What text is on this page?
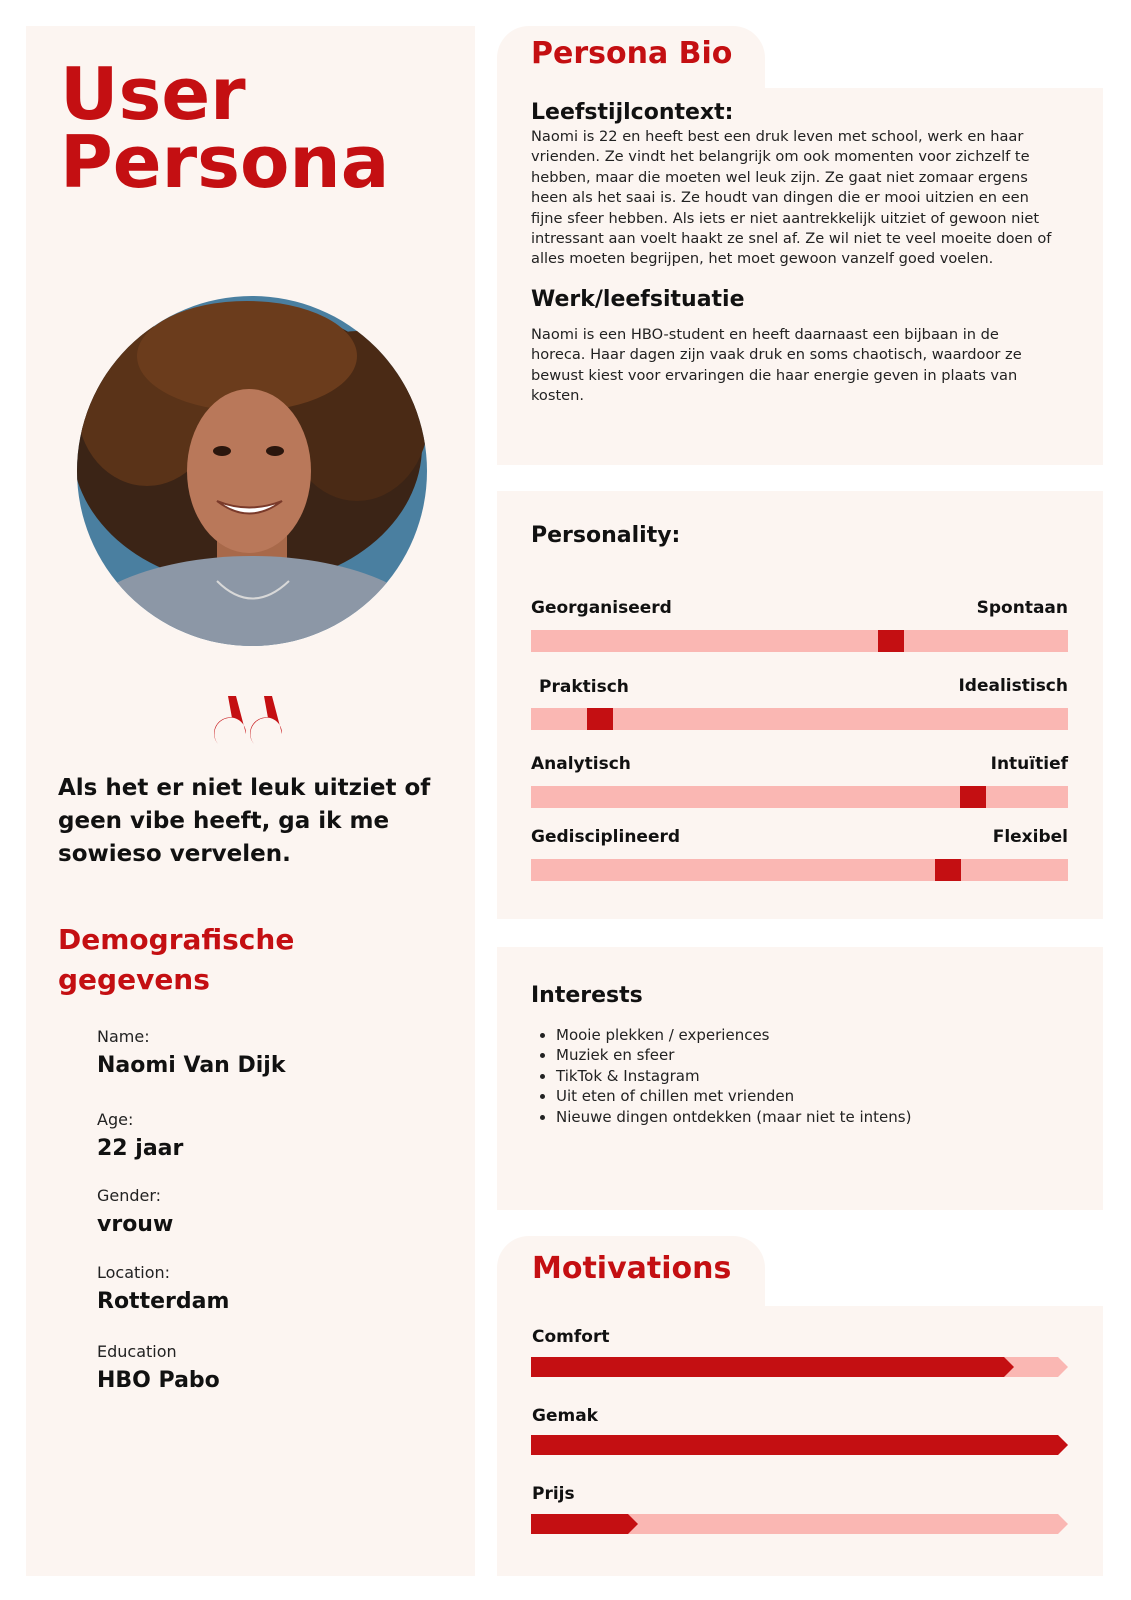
User
Persona

Als het er niet leuk uitziet of geen vibe heeft, ga ik me sowieso vervelen.

Demografische gegevens
Name:
Naomi Van Dijk
Age:
22 jaar
Gender:
vrouw
Location:
Rotterdam
Education
HBO Pabo
Persona Bio
Leefstijlcontext:

Naomi is 22 en heeft best een druk leven met school, werk en haar
vrienden. Ze vindt het belangrijk om ook momenten voor zichzelf te
hebben, maar die moeten wel leuk zijn. Ze gaat niet zomaar ergens
heen als het saai is. Ze houdt van dingen die er mooi uitzien en een
fijne sfeer hebben. Als iets er niet aantrekkelijk uitziet of gewoon niet
intressant aan voelt haakt ze snel af. Ze wil niet te veel moeite doen of
alles moeten begrijpen, het moet gewoon vanzelf goed voelen.

Werk/leefsituatie

Naomi is een HBO-student en heeft daarnaast een bijbaan in de
horeca. Haar dagen zijn vaak druk en soms chaotisch, waardoor ze
bewust kiest voor ervaringen die haar energie geven in plaats van
kosten.

Personality:
Georganiseerd	Spontaan
Praktisch	Idealistisch
Analytisch	Intuïtief
Gedisciplineerd	Flexibel
Interests
• Mooie plekken / experiences
• Muziek en sfeer
• TikTok & Instagram
• Uit eten of chillen met vrienden
• Nieuwe dingen ontdekken (maar niet te intens)
Motivations
Comfort
Gemak
Prijs
